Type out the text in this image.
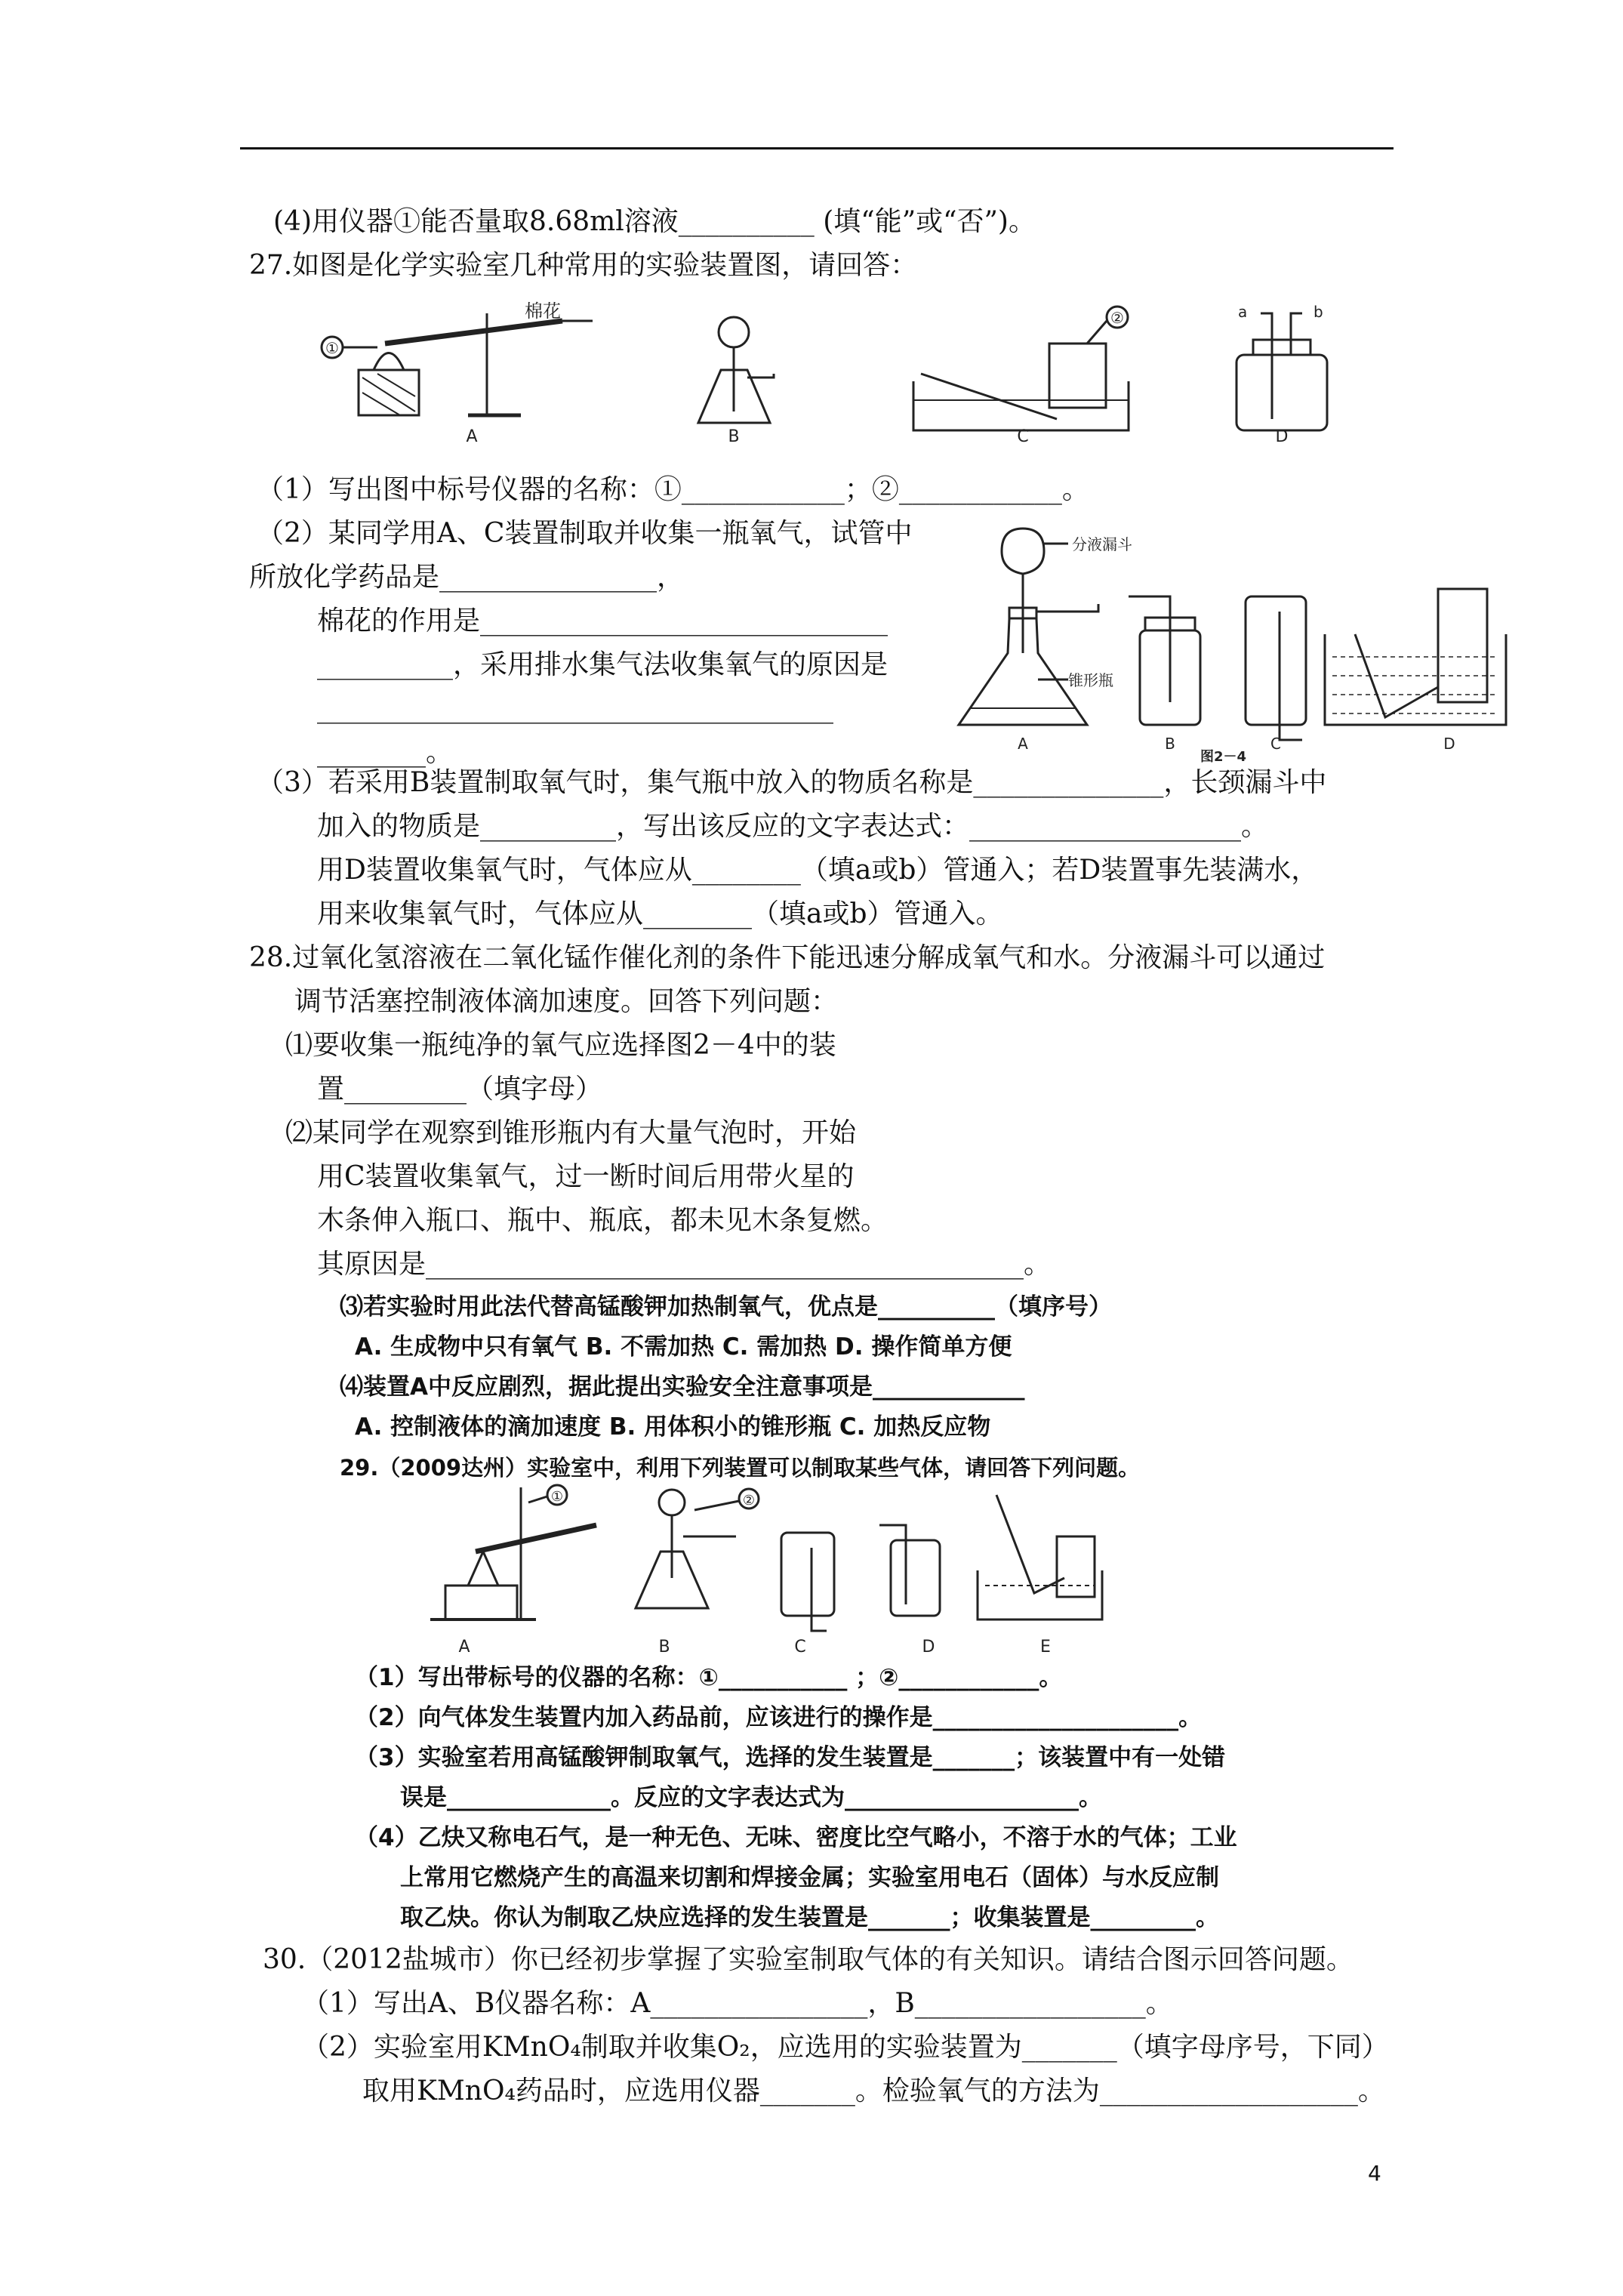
(4)用仪器①能否量取8.68ml溶液__________ (填“能”或“否”)。
27.如图是化学实验室几种常用的实验装置图，请回答：
①
棉花	②	a	b
A	B	C	D
（1）写出图中标号仪器的名称：①____________；②____________。
（2）某同学用A、C装置制取并收集一瓶氧气，试管中
所放化学药品是________________，
棉花的作用是______________________________
__________，采用排水集气法收集氧气的原因是
______________________________________
________。
分液漏斗
锥形瓶
A	B	C	D
图2－4
（3）若采用B装置制取氧气时，集气瓶中放入的物质名称是______________，长颈漏斗中
加入的物质是__________，写出该反应的文字表达式：____________________。
用D装置收集氧气时，气体应从________（填a或b）管通入；若D装置事先装满水，
用来收集氧气时，气体应从________（填a或b）管通入。
28.过氧化氢溶液在二氧化锰作催化剂的条件下能迅速分解成氧气和水。分液漏斗可以通过
调节活塞控制液体滴加速度。回答下列问题：
⑴要收集一瓶纯净的氧气应选择图2－4中的装
置_________（填字母）
⑵某同学在观察到锥形瓶内有大量气泡时，开始
用C装置收集氧气，过一断时间后用带火星的
木条伸入瓶口、瓶中、瓶底，都未见木条复燃。
其原因是____________________________________________。
⑶若实验时用此法代替高锰酸钾加热制氧气，优点是__________（填序号）
A. 生成物中只有氧气 B. 不需加热 C. 需加热 D. 操作简单方便
⑷装置A中反应剧烈，据此提出实验安全注意事项是_____________
A. 控制液体的滴加速度 B. 用体积小的锥形瓶 C. 加热反应物
29.（2009达州）实验室中，利用下列装置可以制取某些气体，请回答下列问题。
①	②
A	B	C	D	E
（1）写出带标号的仪器的名称：①___________ ；②____________。
（2）向气体发生装置内加入药品前，应该进行的操作是_____________________。
（3）实验室若用高锰酸钾制取氧气，选择的发生装置是_______；该装置中有一处错
误是______________。反应的文字表达式为____________________。
（4）乙炔又称电石气，是一种无色、无味、密度比空气略小，不溶于水的气体；工业
上常用它燃烧产生的高温来切割和焊接金属；实验室用电石（固体）与水反应制
取乙炔。你认为制取乙炔应选择的发生装置是_______；收集装置是_________。
30.（2012盐城市）你已经初步掌握了实验室制取气体的有关知识。请结合图示回答问题。
（1）写出A、B仪器名称：A________________，B_________________。
（2）实验室用KMnO₄制取并收集O₂，应选用的实验装置为_______（填字母序号，下同）
取用KMnO₄药品时，应选用仪器_______。检验氧气的方法为___________________。
4
